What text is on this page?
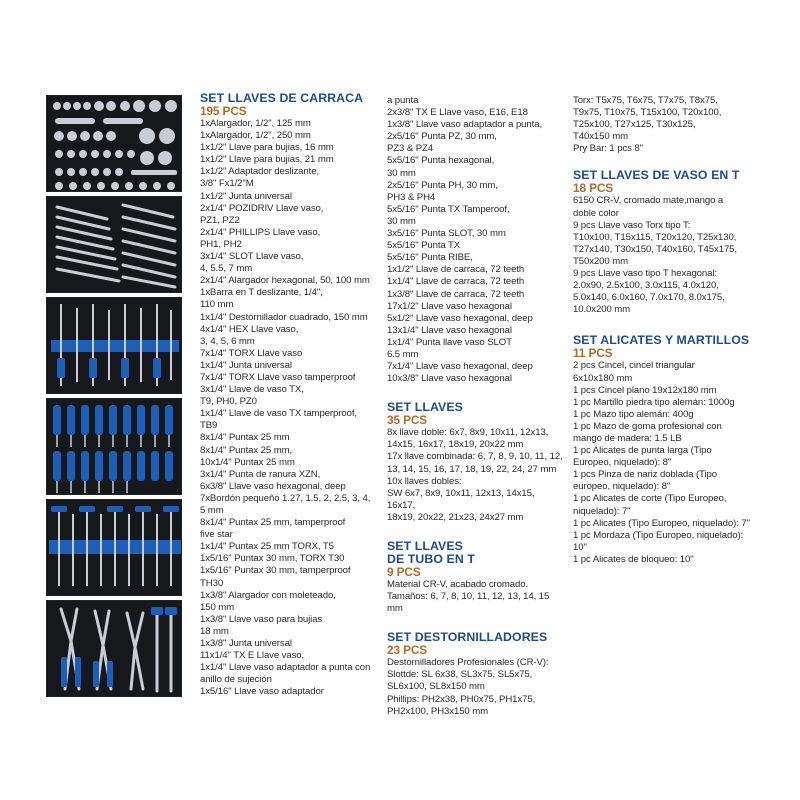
SET LLAVES DE CARRACA

195 PCS

1xAlargador, 1/2", 125 mm

1xAlargador, 1/2", 250 mm

1x1/2" Llave para bujias, 16 mm

1x1/2" Llave para bujias, 21 mm

1x1/2" Adaptador deslizante,

3/8" Fx1/2"M

1x1/2" Junta universal

2x1/4" POZIDRIV Llave vaso,

PZ1, PZ2

2x1/4" PHILLIPS Llave vaso,

PH1, PH2

3x1/4" SLOT Llave vaso,

4, 5.5, 7 mm

2x1/4" Alargador hexagonal, 50, 100 mm

1xBarra en T deslizante, 1/4",

110 mm

1x1/4" Destornillador cuadrado, 150 mm

4x1/4" HEX Llave vaso,

3, 4, 5, 6 mm

7x1/4" TORX Llave vaso

1x1/4" Junta universal

7x1/4" TORX Llave vaso tamperproof

3x1/4" Llave de vaso TX,

T9, PH0, PZ0

1x1/4" Llave de vaso TX tamperproof,

TB9

8x1/4" Puntax 25 mm

8x1/4" Puntax 25 mm,

10x1/4" Puntax 25 mm

3x1/4" Punta de ranura XZN,

6x3/8" Llave vaso hexagonal, deep

7xBordón pequeño 1.27, 1.5, 2, 2.5, 3, 4,

5 mm

8x1/4" Puntax 25 mm, tamperproof

five star

1x1/4" Puntax 25 mm TORX, T5

1x5/16" Puntax 30 mm, TORX T30

1x5/16" Puntax 30 mm, tamperproof

TH30

1x3/8" Alargador con moleteado,

150 mm

1x3/8" Llave vaso para bujias

18 mm

1x3/8" Junta universal

11x1/4" TX E Llave vaso,

1x1/4" Llave vaso adaptador a punta con

anillo de sujeción

1x5/16" Llave vaso adaptador

a punta

2x3/8" TX E Llave vaso, E16, E18

1x3/8" Llave vaso adaptador a punta,

2x5/16" Punta PZ, 30 mm,

PZ3 & PZ4

5x5/16" Punta hexagonal,

30 mm

2x5/16" Punta PH, 30 mm,

PH3 & PH4

5x5/16" Punta TX Tamperoof,

30 mm

3x5/16" Punta SLOT, 30 mm

5x5/16" Punta TX

5x5/16" Punta RIBE,

1x1/2" Llave de carraca, 72 teeth

1x1/4" Llave de carraca, 72 teeth

1x3/8" Llave de carraca, 72 teeth

17x1/2" Llave vaso hexagonal

5x1/2" Llave vaso hexagonal, deep

13x1/4" Llave vaso hexagonal

1x1/4" Punta llave vaso SLOT

6.5 mm

7x1/4" Llave vaso hexagonal, deep

10x3/8" Llave vaso hexagonal

SET LLAVES

35 PCS

8x llave doble: 6x7, 8x9, 10x11, 12x13,

14x15, 16x17, 18x19, 20x22 mm

17x llave combinada: 6, 7, 8, 9, 10, 11, 12,

13, 14, 15, 16, 17, 18, 19, 22, 24, 27 mm

10x llaves dobles:

SW 6x7, 8x9, 10x11, 12x13, 14x15, 16x17,

18x19, 20x22, 21x23, 24x27 mm

SET LLAVES

DE TUBO EN T

9 PCS

Material CR-V, acabado cromado.

Tamaños: 6, 7, 8, 10, 11, 12, 13, 14, 15 mm

SET DESTORNILLADORES

23 PCS

Destornilladores Profesionales (CR-V):

Slottde: SL 6x38, SL3x75, SL5x75,

SL6x100, SL8x150 mm

Phillips: PH2x38, PH0x75, PH1x75,

PH2x100, PH3x150 mm

Torx: T5x75, T6x75, T7x75, T8x75,

T9x75, T10x75, T15x100, T20x100,

T25x100, T27x125, T30x125,

T40x150 mm

Pry Bar: 1 pcs 8"

SET LLAVES DE VASO EN T

18 PCS

6150 CR-V, cromado mate,mango a

doble color

9 pcs Llave vaso Torx tipo T:

T10x100, T15x115, T20x120, T25x130,

T27x140, T30x150, T40x160, T45x175,

T50x200 mm

9 pcs Llave vaso tipo T hexagonal:

2.0x90, 2.5x100, 3.0x115, 4.0x120,

5.0x140, 6.0x160, 7.0x170, 8.0x175,

10.0x200 mm

SET ALICATES Y MARTILLOS

11 PCS

2 pcs Cincel, cincel triangular

6x10x180 mm

1 pcs Cincel plano 19x12x180 mm

1 pc Martillo piedra tipo alemán: 1000g

1 pc Mazo tipo alemán: 400g

1 pc Mazo de goma profesional con

mango de madera: 1.5 LB

1 pc Alicates de punta larga (Tipo

Europeo, niquelado): 8"

1 pcs Pinza de nariz doblada (Tipo

europeo, niquelado): 8"

1 pc Alicates de corte (Tipo Europeo,

niquelado): 7"

1 pc Alicates (Tipo Europeo, niquelado): 7"

1 pc Mordaza (Tipo Europeo, niquelado):

10"

1 pc Alicates de bloqueo: 10"
